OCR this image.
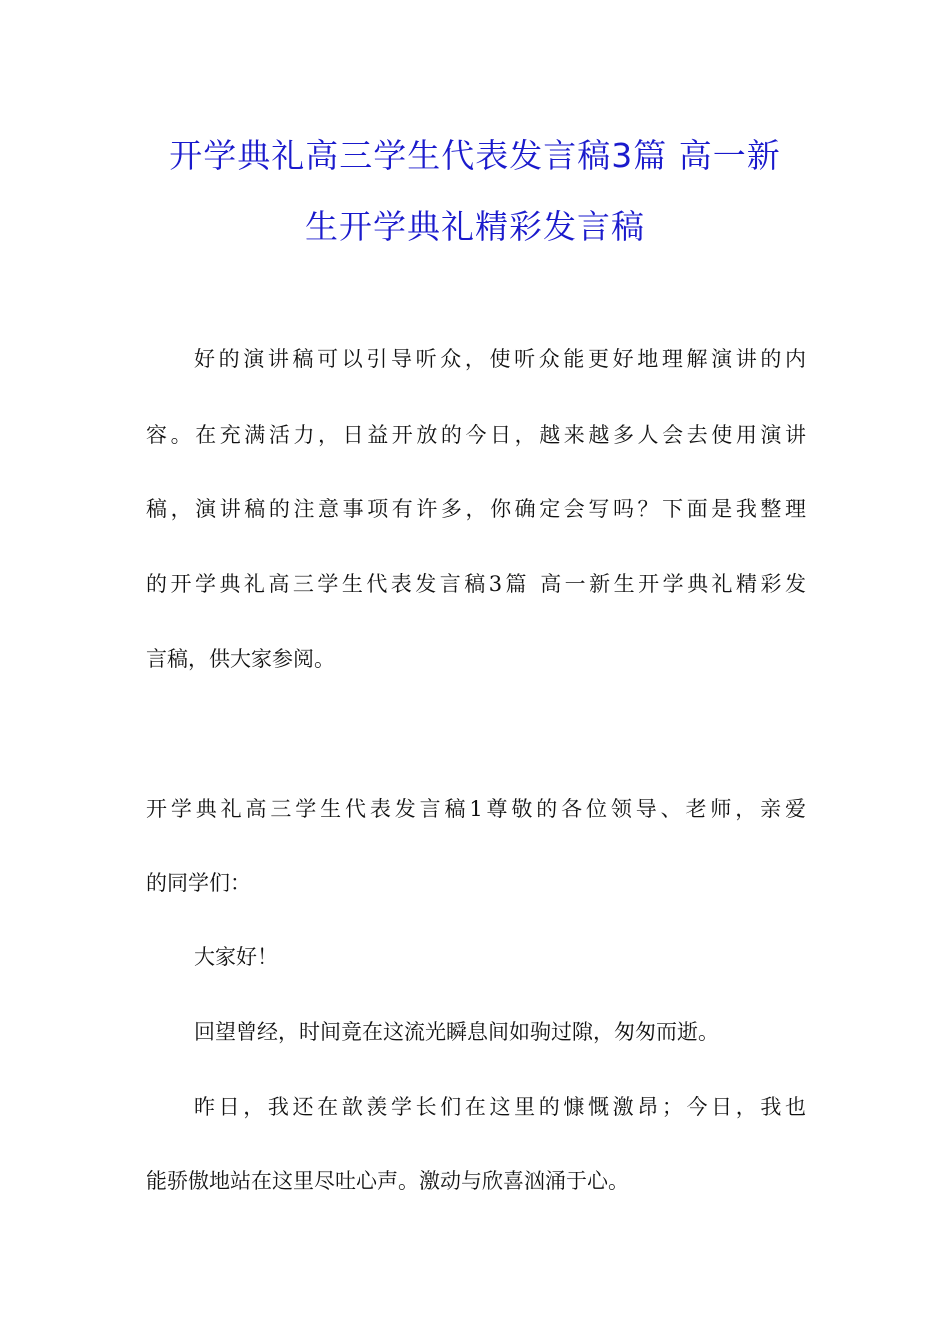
开学典礼高三学生代表发言稿3篇 高一新
生开学典礼精彩发言稿
好的演讲稿可以引导听众，使听众能更好地理解演讲的内
容。在充满活力，日益开放的今日，越来越多人会去使用演讲
稿，演讲稿的注意事项有许多，你确定会写吗？下面是我整理
的开学典礼高三学生代表发言稿3篇 高一新生开学典礼精彩发
言稿，供大家参阅。
开学典礼高三学生代表发言稿1尊敬的各位领导、老师，亲爱
的同学们：
大家好！
回望曾经，时间竟在这流光瞬息间如驹过隙，匆匆而逝。
昨日，我还在歆羡学长们在这里的慷慨激昂；今日，我也
能骄傲地站在这里尽吐心声。激动与欣喜汹涌于心。
